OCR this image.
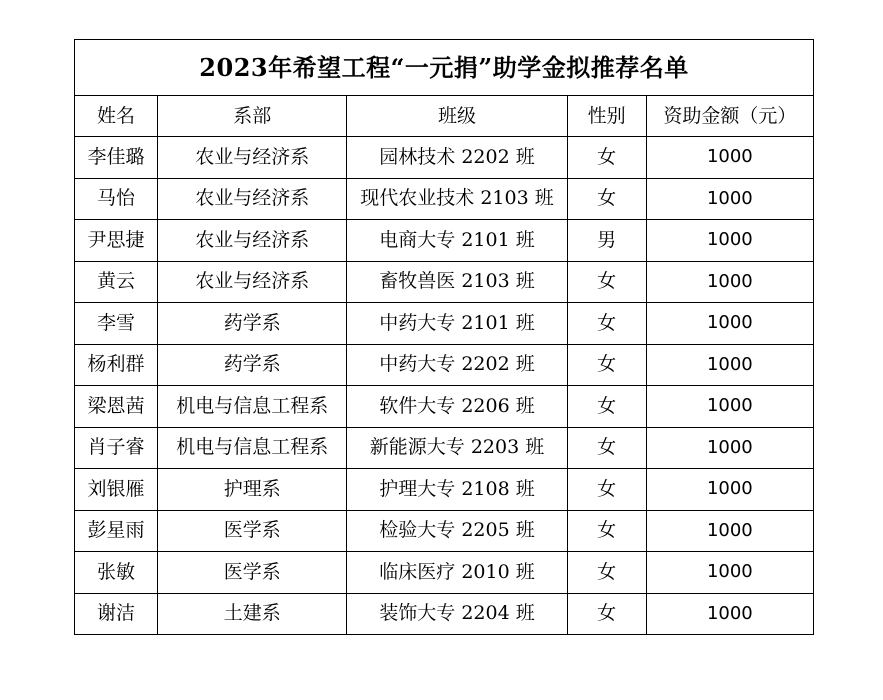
2023年希望工程“一元捐”助学金拟推荐名单				
姓名	系部	班级	性别	资助金额（元）
李佳璐	农业与经济系	园林技术 2202 班	女	1000
马怡	农业与经济系	现代农业技术 2103 班	女	1000
尹思捷	农业与经济系	电商大专 2101 班	男	1000
黄云	农业与经济系	畜牧兽医 2103 班	女	1000
李雪	药学系	中药大专 2101 班	女	1000
杨利群	药学系	中药大专 2202 班	女	1000
梁恩茜	机电与信息工程系	软件大专 2206 班	女	1000
肖子睿	机电与信息工程系	新能源大专 2203 班	女	1000
刘银雁	护理系	护理大专 2108 班	女	1000
彭星雨	医学系	检验大专 2205 班	女	1000
张敏	医学系	临床医疗 2010 班	女	1000
谢洁	土建系	装饰大专 2204 班	女	1000
